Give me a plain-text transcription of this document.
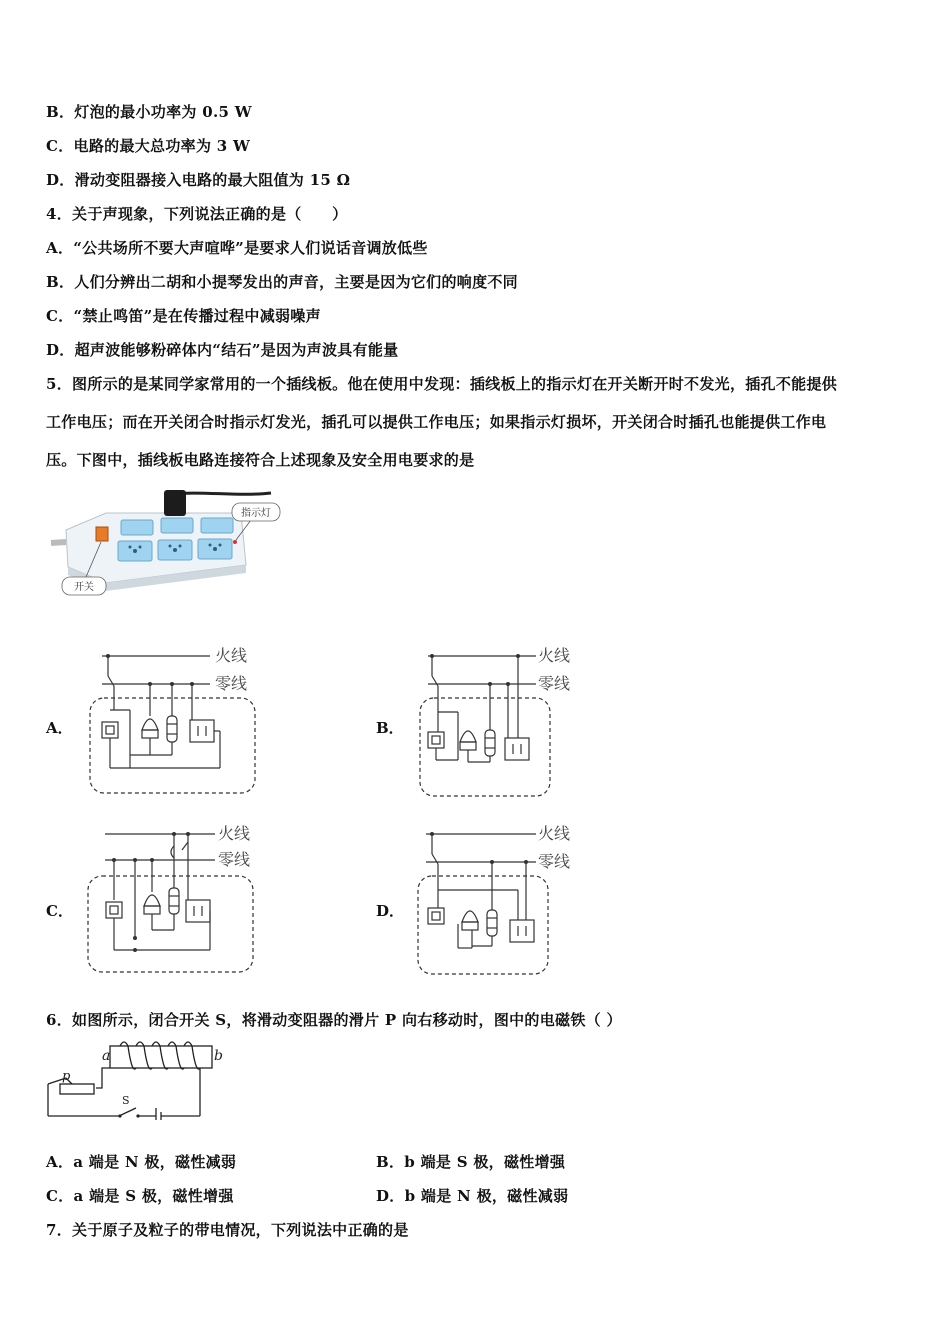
B．灯泡的最小功率为 0.5 W
C．电路的最大总功率为 3 W
D．滑动变阻器接入电路的最大阻值为 15 Ω
4．关于声现象，下列说法正确的是（　　）
A．“公共场所不要大声喧哗”是要求人们说话音调放低些
B．人们分辨出二胡和小提琴发出的声音，主要是因为它们的响度不同
C．“禁止鸣笛”是在传播过程中减弱噪声
D．超声波能够粉碎体内“结石”是因为声波具有能量
5．图所示的是某同学家常用的一个插线板。他在使用中发现：插线板上的指示灯在开关断开时不发光，插孔不能提供
工作电压；而在开关闭合时指示灯发光，插孔可以提供工作电压；如果指示灯损坏，开关闭合时插孔也能提供工作电
压。下图中，插线板电路连接符合上述现象及安全用电要求的是
指示灯
开关
A．	B．
C．	D．
火线
零线
火线
零线
火线
零线
火线
零线
6．如图所示，闭合开关 S，将滑动变阻器的滑片 P 向右移动时，图中的电磁铁（ ）
a	b
p
S
A．a 端是 N 极，磁性减弱	B．b 端是 S 极，磁性增强
C．a 端是 S 极，磁性增强	D．b 端是 N 极，磁性减弱
7．关于原子及粒子的带电情况，下列说法中正确的是
